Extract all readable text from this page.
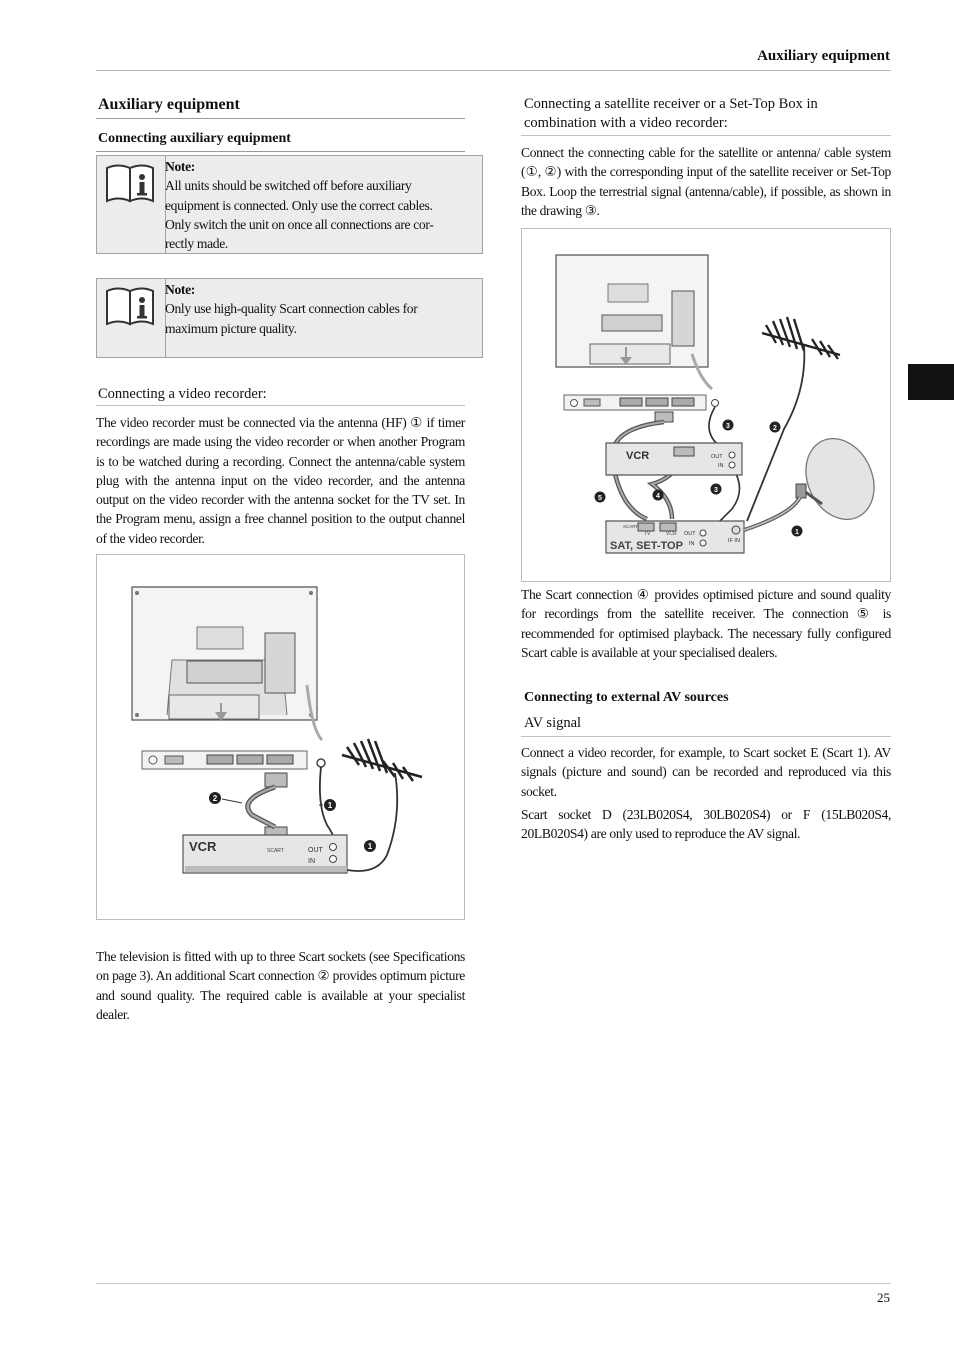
Auxiliary equipment
Auxiliary equipment
Connecting auxiliary equipment
Note:
All units should be switched off before auxiliary
equipment is connected. Only use the correct cables.
Only switch the unit on once all connections are cor-
rectly made.
Note:
Only use high-quality Scart connection cables for
maximum picture quality.
Connecting a video recorder:
The video recorder must be connected via the antenna (HF) ① if timer recordings are made using the video recorder or when another Program is to be watched during a recording. Connect the antenna/cable system plug with the antenna input on the video recorder, and the antenna output on the video recorder with the antenna socket for the TV set. In the Program menu, assign a free channel position to the output channel of the video recorder.
VCR	SCART	OUT
IN
2
1
1
The television is fitted with up to three Scart sockets (see Specifications on page 3). An additional Scart connection ② provides optimum picture and sound quality. The required cable is available at your specialist dealer.
Connecting a satellite receiver or a Set-Top Box in combination with a video recorder:
Connect the connecting cable for the satellite or antenna/ cable system (①, ②) with the corresponding input of the satellite receiver or Set-Top Box. Loop the terrestrial signal (antenna/cable), if possible, as shown in the drawing ③.
VCR	OUT
IN
SCART
TV	VCR
SAT, SET-TOP
OUT
IN	IF IN
3	2
3
4
5
1
The Scart connection ④ provides optimised picture and sound quality for recordings from the satellite receiver. The connection ⑤ is recommended for optimised playback. The necessary fully configured Scart cable is available at your specialised dealers.
Connecting to external AV sources
AV signal
Connect a video recorder, for example, to Scart socket E (Scart 1). AV signals (picture and sound) can be recorded and reproduced via this socket.
Scart socket D (23LB020S4, 30LB020S4) or F (15LB020S4, 20LB020S4) are only used to reproduce the AV signal.
25
